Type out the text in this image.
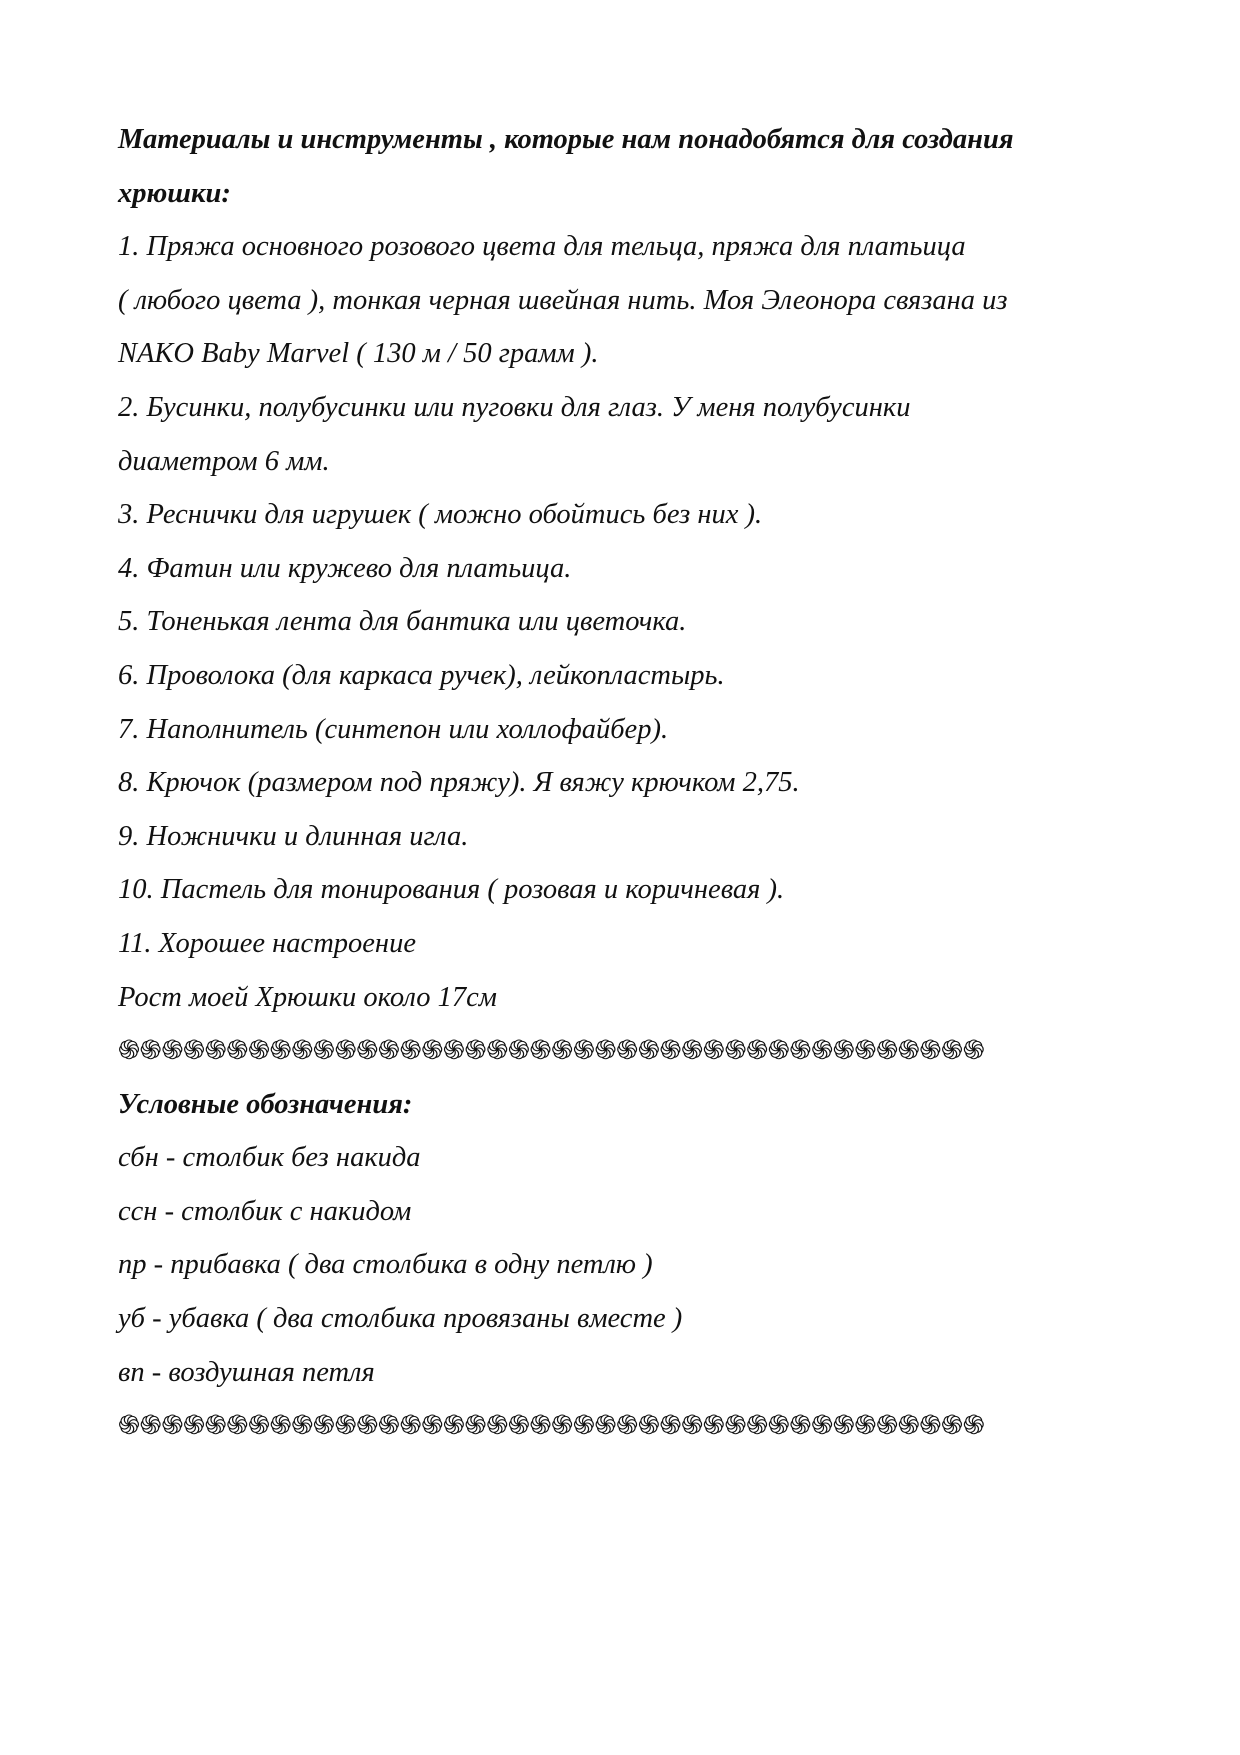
Материалы и инструменты , которые нам понадобятся для создания
хрюшки:
1. Пряжа основного розового цвета для тельца, пряжа для платьица
( любого цвета ), тонкая черная швейная нить. Моя Элеонора связана из
NAKO Baby Marvel ( 130 м / 50 грамм ).
2. Бусинки, полубусинки или пуговки для глаз. У меня полубусинки
диаметром 6 мм.
3. Реснички для игрушек ( можно обойтись без них ).
4. Фатин или кружево для платьица.
5. Тоненькая лента для бантика или цветочка.
6. Проволока (для каркаса ручек), лейкопластырь.
7. Наполнитель (синтепон или холлофайбер).
8. Крючок (размером под пряжу). Я вяжу крючком 2,75.
9. Ножнички и длинная игла.
10. Пастель для тонирования ( розовая и коричневая ).
11. Хорошее настроение
Рост моей Хрюшки около 17см
֍֍֍֍֍֍֍֍֍֍֍֍֍֍֍֍֍֍֍֍֍֍֍֍֍֍֍֍֍֍֍֍֍֍֍֍֍֍֍֍
Условные обозначения:
сбн - столбик без накида
ссн - столбик с накидом
пр - прибавка ( два столбика в одну петлю )
уб - убавка ( два столбика провязаны вместе )
вп - воздушная петля
֍֍֍֍֍֍֍֍֍֍֍֍֍֍֍֍֍֍֍֍֍֍֍֍֍֍֍֍֍֍֍֍֍֍֍֍֍֍֍֍
